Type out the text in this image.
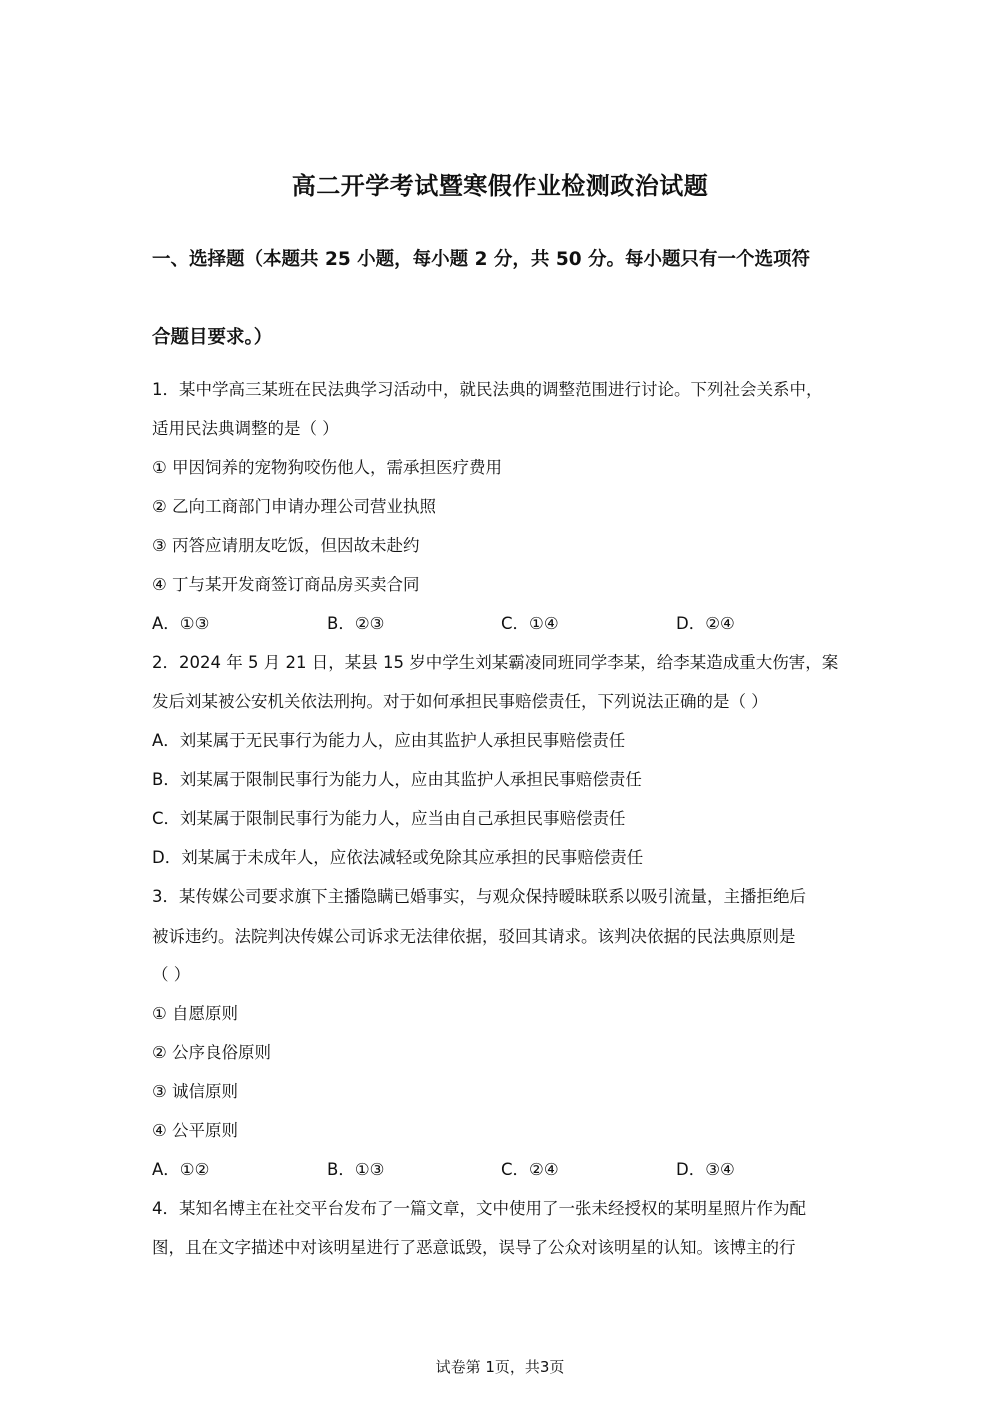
高二开学考试暨寒假作业检测政治试题
一、选择题（本题共 25 小题，每小题 2 分，共 50 分。每小题只有一个选项符
合题目要求。）
1．某中学高三某班在民法典学习活动中，就民法典的调整范围进行讨论。下列社会关系中，
适用民法典调整的是（ ）
① 甲因饲养的宠物狗咬伤他人，需承担医疗费用
② 乙向工商部门申请办理公司营业执照
③ 丙答应请朋友吃饭，但因故未赴约
④ 丁与某开发商签订商品房买卖合同
A．①③	B．②③	C．①④	D．②④
2．2024 年 5 月 21 日，某县 15 岁中学生刘某霸凌同班同学李某，给李某造成重大伤害，案
发后刘某被公安机关依法刑拘。对于如何承担民事赔偿责任，下列说法正确的是（ ）
A．刘某属于无民事行为能力人，应由其监护人承担民事赔偿责任
B．刘某属于限制民事行为能力人，应由其监护人承担民事赔偿责任
C．刘某属于限制民事行为能力人，应当由自己承担民事赔偿责任
D．刘某属于未成年人，应依法减轻或免除其应承担的民事赔偿责任
3．某传媒公司要求旗下主播隐瞒已婚事实，与观众保持暧昧联系以吸引流量，主播拒绝后
被诉违约。法院判决传媒公司诉求无法律依据，驳回其请求。该判决依据的民法典原则是
（ ）
① 自愿原则
② 公序良俗原则
③ 诚信原则
④ 公平原则
A．①②	B．①③	C．②④	D．③④
4．某知名博主在社交平台发布了一篇文章，文中使用了一张未经授权的某明星照片作为配
图，且在文字描述中对该明星进行了恶意诋毁，误导了公众对该明星的认知。该博主的行
试卷第 1页，共3页
